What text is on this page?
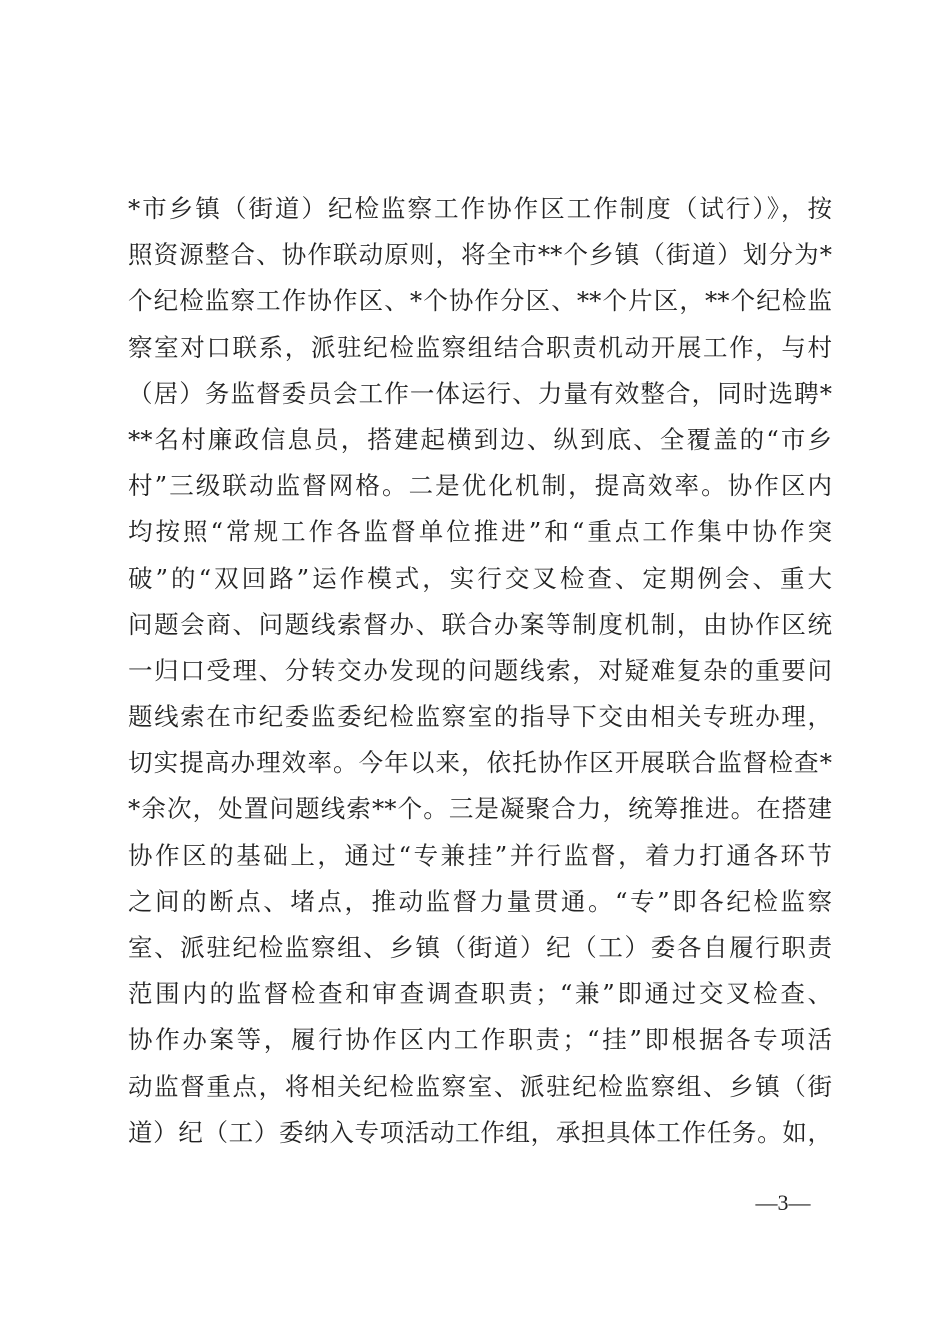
*市乡镇（街道）纪检监察工作协作区工作制度（试行）》，按
照资源整合、协作联动原则，将全市**个乡镇（街道）划分为*
个纪检监察工作协作区、*个协作分区、**个片区，**个纪检监
察室对口联系，派驻纪检监察组结合职责机动开展工作，与村
（居）务监督委员会工作一体运行、力量有效整合，同时选聘*
**名村廉政信息员，搭建起横到边、纵到底、全覆盖的“市乡
村”三级联动监督网格。二是优化机制，提高效率。协作区内
均按照“常规工作各监督单位推进”和“重点工作集中协作突
破”的“双回路”运作模式，实行交叉检查、定期例会、重大
问题会商、问题线索督办、联合办案等制度机制，由协作区统
一归口受理、分转交办发现的问题线索，对疑难复杂的重要问
题线索在市纪委监委纪检监察室的指导下交由相关专班办理，
切实提高办理效率。今年以来，依托协作区开展联合监督检查*
*余次，处置问题线索**个。三是凝聚合力，统筹推进。在搭建
协作区的基础上，通过“专兼挂”并行监督，着力打通各环节
之间的断点、堵点，推动监督力量贯通。“专”即各纪检监察
室、派驻纪检监察组、乡镇（街道）纪（工）委各自履行职责
范围内的监督检查和审查调查职责；“兼”即通过交叉检查、
协作办案等，履行协作区内工作职责；“挂”即根据各专项活
动监督重点，将相关纪检监察室、派驻纪检监察组、乡镇（街
道）纪（工）委纳入专项活动工作组，承担具体工作任务。如，
—3—
